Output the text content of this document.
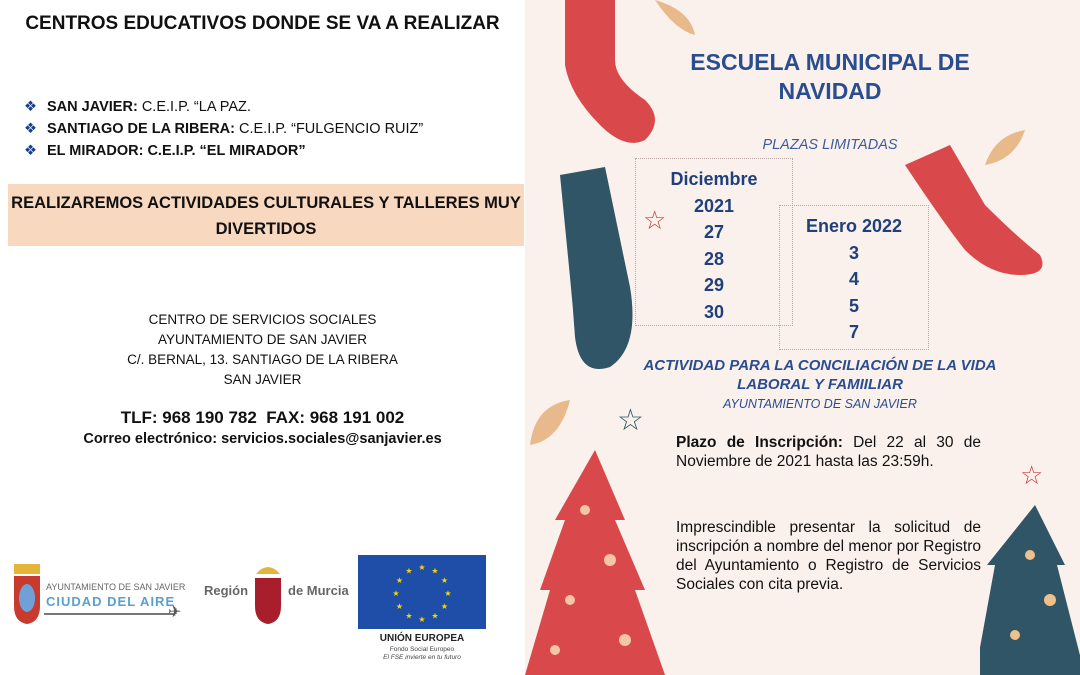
CENTROS EDUCATIVOS DONDE SE VA A REALIZAR
❖ SAN JAVIER: C.E.I.P. “LA PAZ.
❖ SANTIAGO DE LA RIBERA: C.E.I.P. “FULGENCIO RUIZ”
❖ EL MIRADOR: C.E.I.P. “EL MIRADOR”
REALIZAREMOS ACTIVIDADES CULTURALES Y TALLERES MUY DIVERTIDOS
CENTRO DE SERVICIOS SOCIALES
AYUNTAMIENTO DE SAN JAVIER
C/. BERNAL, 13. SANTIAGO DE LA RIBERA
SAN JAVIER
TLF: 968 190 782  FAX: 968 191 002
Correo electrónico: servicios.sociales@sanjavier.es
AYUNTAMIENTO DE SAN JAVIER
CIUDAD DEL AIRE
✈
Región	de Murcia	★
★
★
★
★
★
★
★
★ ★ ★
★
UNIÓN EUROPEA
Fondo Social Europeo
El FSE invierte en tu futuro
☆
☆
☆
ESCUELA MUNICIPAL DE NAVIDAD
PLAZAS LIMITADAS
Diciembre
2021
27
28
29
30
Enero 2022
3
4
5
7
ACTIVIDAD PARA LA CONCILIACIÓN DE LA VIDA LABORAL Y FAMIILIAR
AYUNTAMIENTO DE SAN JAVIER
Plazo de Inscripción: Del 22 al 30 de Noviembre de 2021 hasta las 23:59h.
Imprescindible presentar la solicitud de inscripción a nombre del menor por Registro del Ayuntamiento o Registro de Servicios Sociales con cita previa.
